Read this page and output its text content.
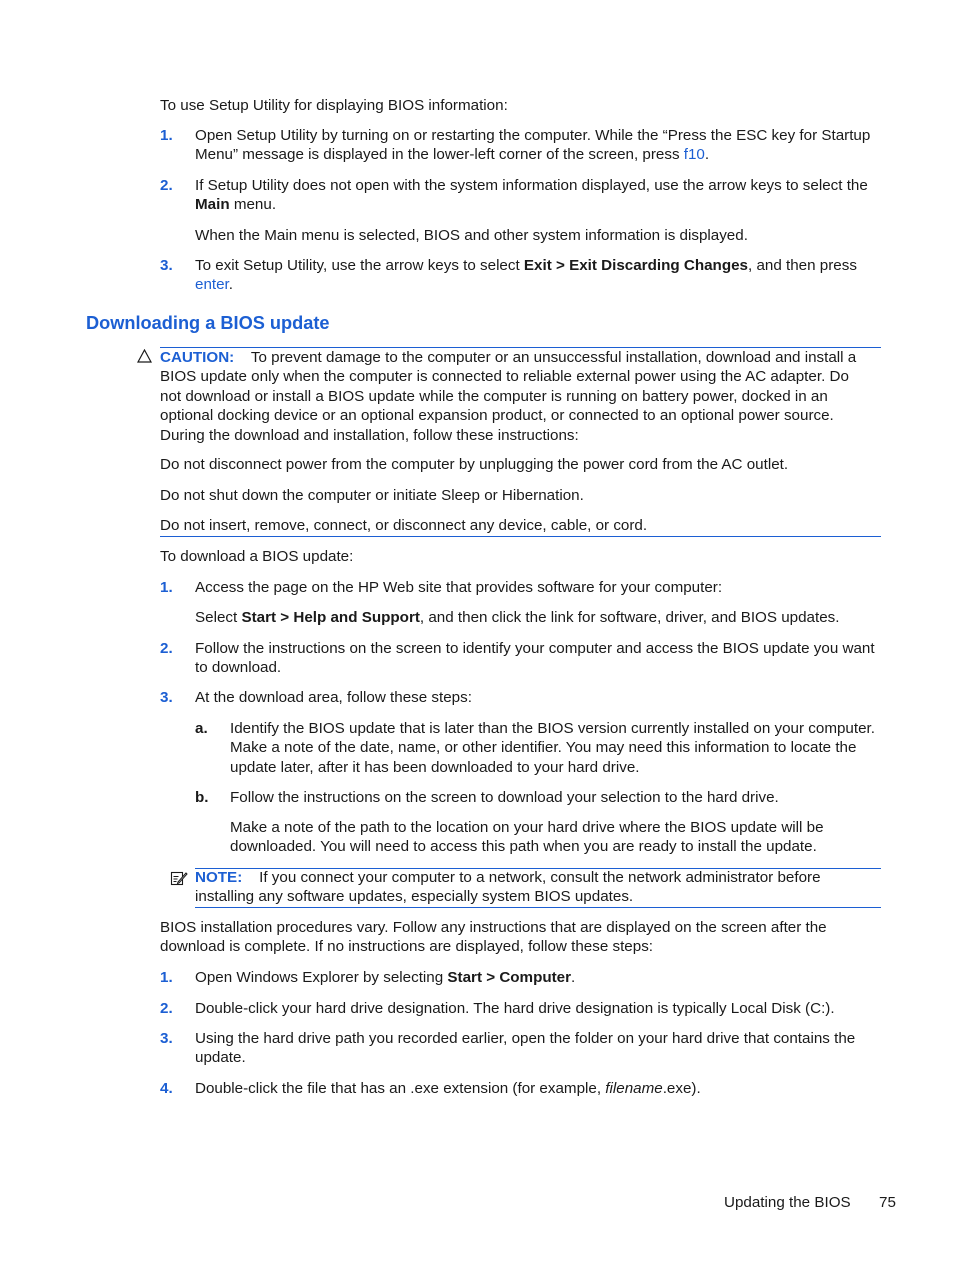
To use Setup Utility for displaying BIOS information:

1. Open Setup Utility by turning on or restarting the computer. While the “Press the ESC key for Startup Menu” message is displayed in the lower-left corner of the screen, press f10.

2. If Setup Utility does not open with the system information displayed, use the arrow keys to select the Main menu.

When the Main menu is selected, BIOS and other system information is displayed.

3. To exit Setup Utility, use the arrow keys to select Exit > Exit Discarding Changes, and then press enter.

Downloading a BIOS update

CAUTION: To prevent damage to the computer or an unsuccessful installation, download and install a BIOS update only when the computer is connected to reliable external power using the AC adapter. Do not download or install a BIOS update while the computer is running on battery power, docked in an optional docking device or an optional expansion product, or connected to an optional power source. During the download and installation, follow these instructions:

Do not disconnect power from the computer by unplugging the power cord from the AC outlet.

Do not shut down the computer or initiate Sleep or Hibernation.

Do not insert, remove, connect, or disconnect any device, cable, or cord.

To download a BIOS update:

1. Access the page on the HP Web site that provides software for your computer:

Select Start > Help and Support, and then click the link for software, driver, and BIOS updates.

2. Follow the instructions on the screen to identify your computer and access the BIOS update you want to download.

3. At the download area, follow these steps:

a. Identify the BIOS update that is later than the BIOS version currently installed on your computer. Make a note of the date, name, or other identifier. You may need this information to locate the update later, after it has been downloaded to your hard drive.

b. Follow the instructions on the screen to download your selection to the hard drive.

Make a note of the path to the location on your hard drive where the BIOS update will be downloaded. You will need to access this path when you are ready to install the update.

NOTE: If you connect your computer to a network, consult the network administrator before installing any software updates, especially system BIOS updates.

BIOS installation procedures vary. Follow any instructions that are displayed on the screen after the download is complete. If no instructions are displayed, follow these steps:

1. Open Windows Explorer by selecting Start > Computer.

2. Double-click your hard drive designation. The hard drive designation is typically Local Disk (C:).

3. Using the hard drive path you recorded earlier, open the folder on your hard drive that contains the update.

4. Double-click the file that has an .exe extension (for example, filename.exe).

Updating the BIOS 75
